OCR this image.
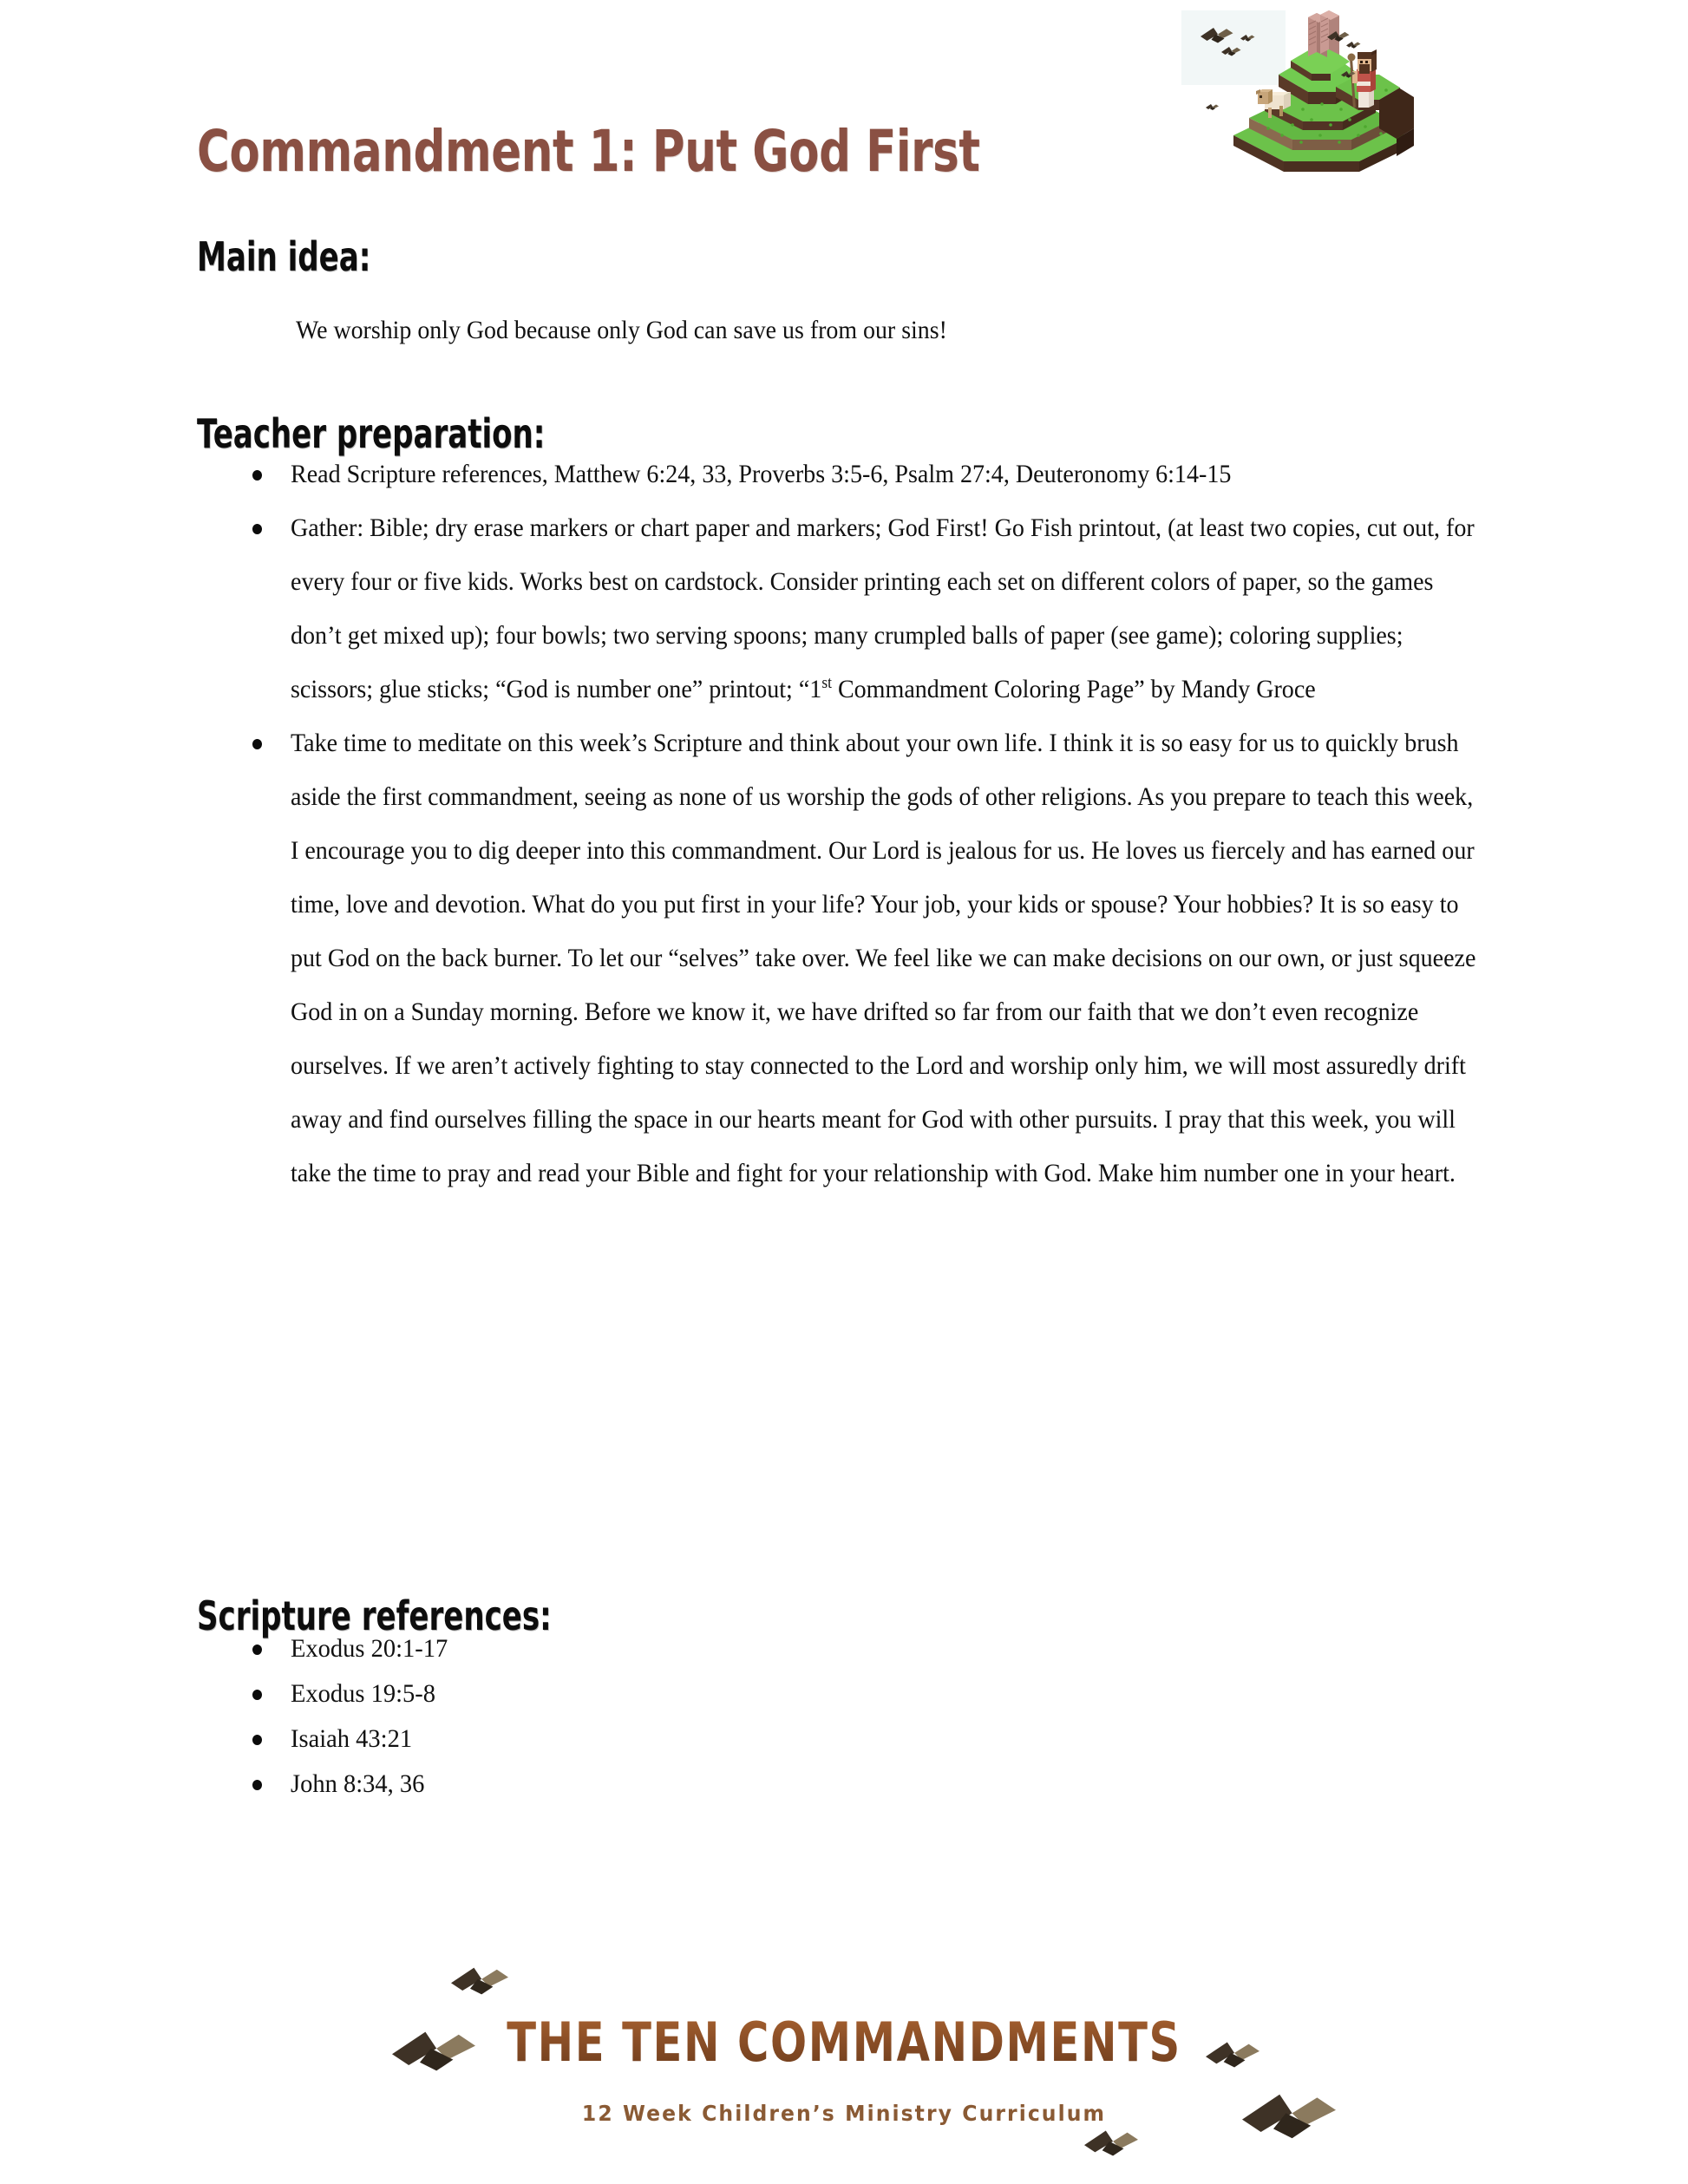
Commandment 1: Put God First
Main idea:

We worship only God because only God can save us from our sins!

Teacher preparation:
Read Scripture references, Matthew 6:24, 33, Proverbs 3:5-6, Psalm 27:4, Deuteronomy 6:14-15
Gather: Bible; dry erase markers or chart paper and markers; God First! Go Fish printout, (at least two copies, cut out, for every four or five kids. Works best on cardstock. Consider printing each set on different colors of paper, so the games don’t get mixed up); four bowls; two serving spoons; many crumpled balls of paper (see game); coloring supplies; scissors; glue sticks; “God is number one” printout; “1st Commandment Coloring Page” by Mandy Groce
Take time to meditate on this week’s Scripture and think about your own life. I think it is so easy for us to quickly brush aside the first commandment, seeing as none of us worship the gods of other religions. As you prepare to teach this week, I encourage you to dig deeper into this commandment. Our Lord is jealous for us. He loves us fiercely and has earned our time, love and devotion. What do you put first in your life? Your job, your kids or spouse? Your hobbies? It is so easy to put God on the back burner. To let our “selves” take over. We feel like we can make decisions on our own, or just squeeze God in on a Sunday morning. Before we know it, we have drifted so far from our faith that we don’t even recognize ourselves. If we aren’t actively fighting to stay connected to the Lord and worship only him, we will most assuredly drift away and find ourselves filling the space in our hearts meant for God with other pursuits. I pray that this week, you will take the time to pray and read your Bible and fight for your relationship with God. Make him number one in your heart.
Scripture references:
Exodus 20:1-17
Exodus 19:5-8
Isaiah 43:21
John 8:34, 36
THE TEN COMMANDMENTS
12 Week Children’s Ministry Curriculum
